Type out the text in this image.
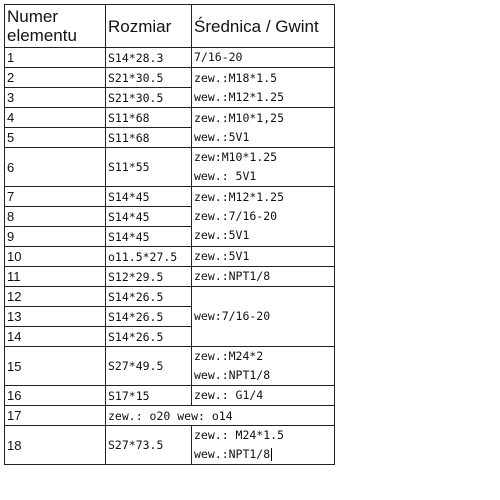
Numer elementu	Rozmiar	Średnica / Gwint
1	S14*28.3	7/16-20

2	S21*30.5	zew.:M18*1.5
wew.:M12*1.25

3	S21*30.5	
4	S11*68	zew.:M10*1,25
wew.:5V1

5	S11*68	
6	S11*55	zew:M10*1.25
wew.: 5V1

7	S14*45	zew.:M12*1.25
zew.:7/16-20
zew.:5V1

8	S14*45	
9	S14*45	
10	o11.5*27.5	zew.:5V1

11	S12*29.5	zew.:NPT1/8

12	S14*26.5	wew:7/16-20

13	S14*26.5	
14	S14*26.5	
15	S27*49.5	zew.:M24*2
wew.:NPT1/8

16	S17*15	zew.: G1/4

17	zew.: o20 wew: o14	
18	S27*73.5	zew.: M24*1.5
wew.:NPT1/8
